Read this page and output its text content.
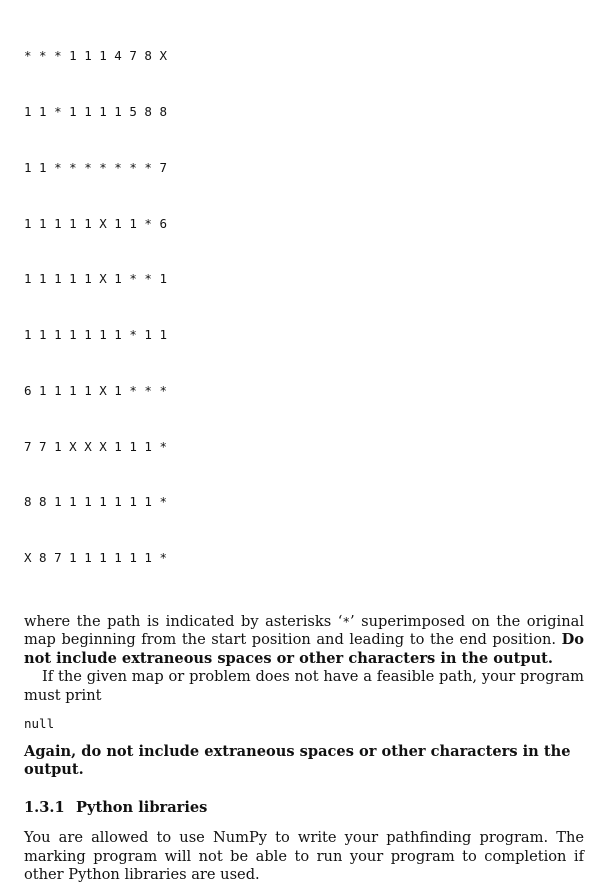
* * * 1 1 1 4 7 8 X

1 1 * 1 1 1 1 5 8 8

1 1 * * * * * * * 7

1 1 1 1 1 X 1 1 * 6

1 1 1 1 1 X 1 * * 1

1 1 1 1 1 1 1 * 1 1

6 1 1 1 1 X 1 * * *

7 7 1 X X X 1 1 1 *

8 8 1 1 1 1 1 1 1 *

X 8 7 1 1 1 1 1 1 *

where the path is indicated by asterisks ‘*’ superimposed on the original map beginning from the start position and leading to the end position. Do not include extraneous spaces or other characters in the output.

If the given map or problem does not have a feasible path, your program must print

null

Again, do not include extraneous spaces or other characters in the output.

1.3.1 Python libraries

You are allowed to use NumPy to write your pathfinding program. The marking program will not be able to run your program to completion if other Python libraries are used.
